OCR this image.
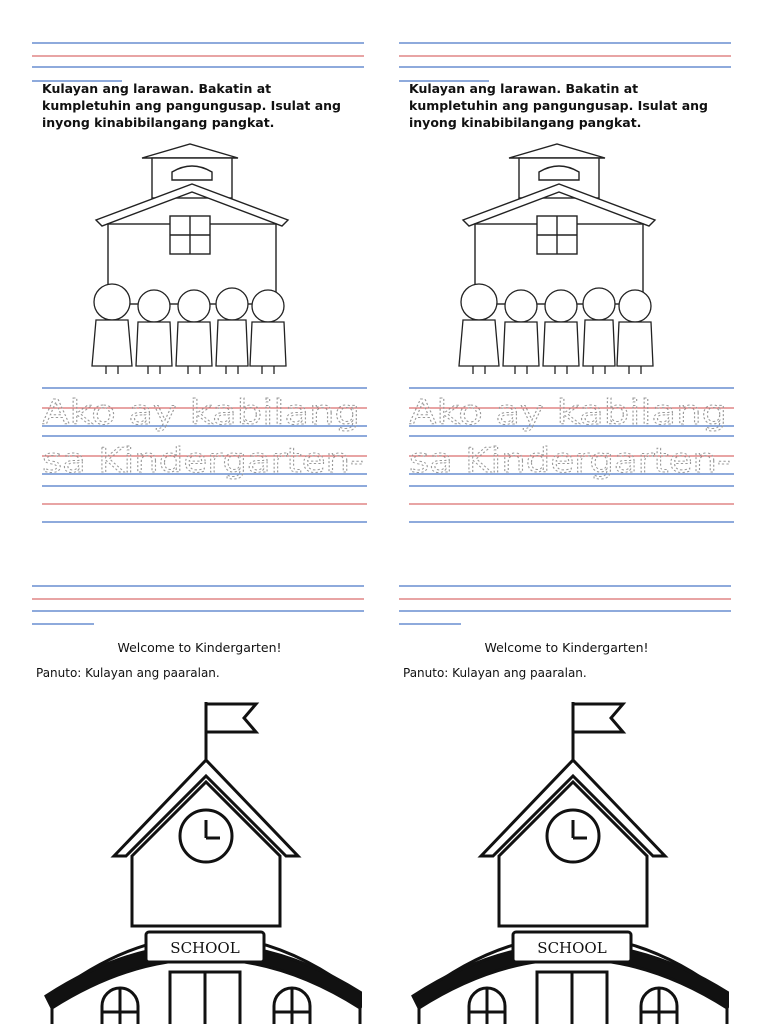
Kulayan ang larawan. Bakatin at kumpletuhin ang pangungusap. Isulat ang inyong kinabibilangang pangkat.

Ako ay kabilang
sa Kindergarten-

Kulayan ang larawan. Bakatin at kumpletuhin ang pangungusap. Isulat ang inyong kinabibilangang pangkat.

Ako ay kabilang
sa Kindergarten-

Welcome to Kindergarten!

Panuto: Kulayan ang paaralan.

SCHOOL

Welcome to Kindergarten!

Panuto: Kulayan ang paaralan.

SCHOOL
